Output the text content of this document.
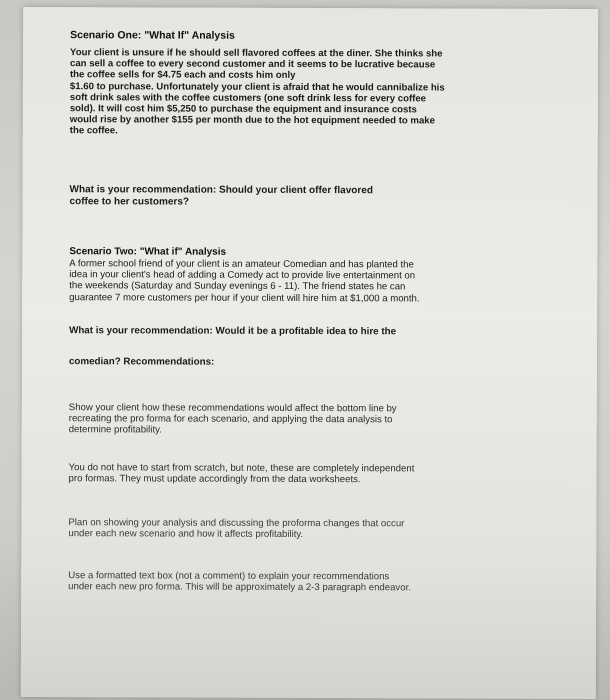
Scenario One: "What If" Analysis

Your client is unsure if he should sell flavored coffees at the diner. She thinks she
can sell a coffee to every second customer and it seems to be lucrative because
the coffee sells for $4.75 each and costs him only
$1.60 to purchase. Unfortunately your client is afraid that he would cannibalize his
soft drink sales with the coffee customers (one soft drink less for every coffee
sold). It will cost him $5,250 to purchase the equipment and insurance costs
would rise by another $155 per month due to the hot equipment needed to make
the coffee.
What is your recommendation: Should your client offer flavored
coffee to her customers?

Scenario Two: "What if" Analysis

A former school friend of your client is an amateur Comedian and has planted the
idea in your client's head of adding a Comedy act to provide live entertainment on
the weekends (Saturday and Sunday evenings 6 - 11). The friend states he can
guarantee 7 more customers per hour if your client will hire him at $1,000 a month.
What is your recommendation: Would it be a profitable idea to hire the
comedian? Recommendations:
Show your client how these recommendations would affect the bottom line by
recreating the pro forma for each scenario, and applying the data analysis to
determine profitability.
You do not have to start from scratch, but note, these are completely independent
pro formas. They must update accordingly from the data worksheets.
Plan on showing your analysis and discussing the proforma changes that occur
under each new scenario and how it affects profitability.
Use a formatted text box (not a comment) to explain your recommendations
under each new pro forma. This will be approximately a 2-3 paragraph endeavor.
